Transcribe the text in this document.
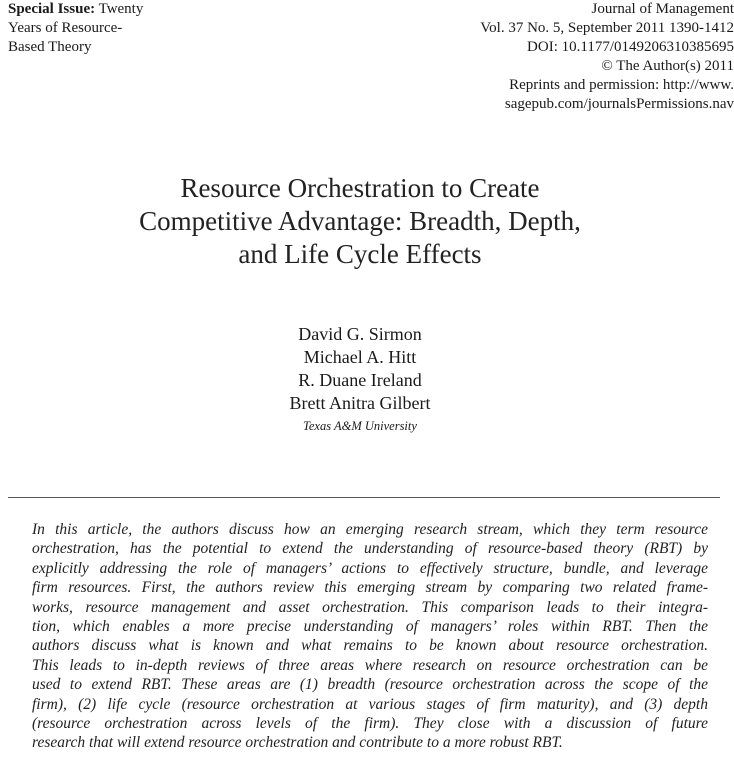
Special Issue: Twenty
Years of Resource-
Based Theory
Journal of Management
Vol. 37 No. 5, September 2011 1390-1412
DOI: 10.1177/0149206310385695
© The Author(s) 2011
Reprints and permission: http://www.
sagepub.com/journalsPermissions.nav
Resource Orchestration to Create
Competitive Advantage: Breadth, Depth,
and Life Cycle Effects
David G. Sirmon
Michael A. Hitt
R. Duane Ireland
Brett Anitra Gilbert
Texas A&M University
In this article, the authors discuss how an emerging research stream, which they term resource
orchestration, has the potential to extend the understanding of resource-based theory (RBT) by
explicitly addressing the role of managers’ actions to effectively structure, bundle, and leverage
firm resources. First, the authors review this emerging stream by comparing two related frame-
works, resource management and asset orchestration. This comparison leads to their integra-
tion, which enables a more precise understanding of managers’ roles within RBT. Then the
authors discuss what is known and what remains to be known about resource orchestration.
This leads to in-depth reviews of three areas where research on resource orchestration can be
used to extend RBT. These areas are (1) breadth (resource orchestration across the scope of the
firm), (2) life cycle (resource orchestration at various stages of firm maturity), and (3) depth
(resource orchestration across levels of the firm). They close with a discussion of future
research that will extend resource orchestration and contribute to a more robust RBT.
